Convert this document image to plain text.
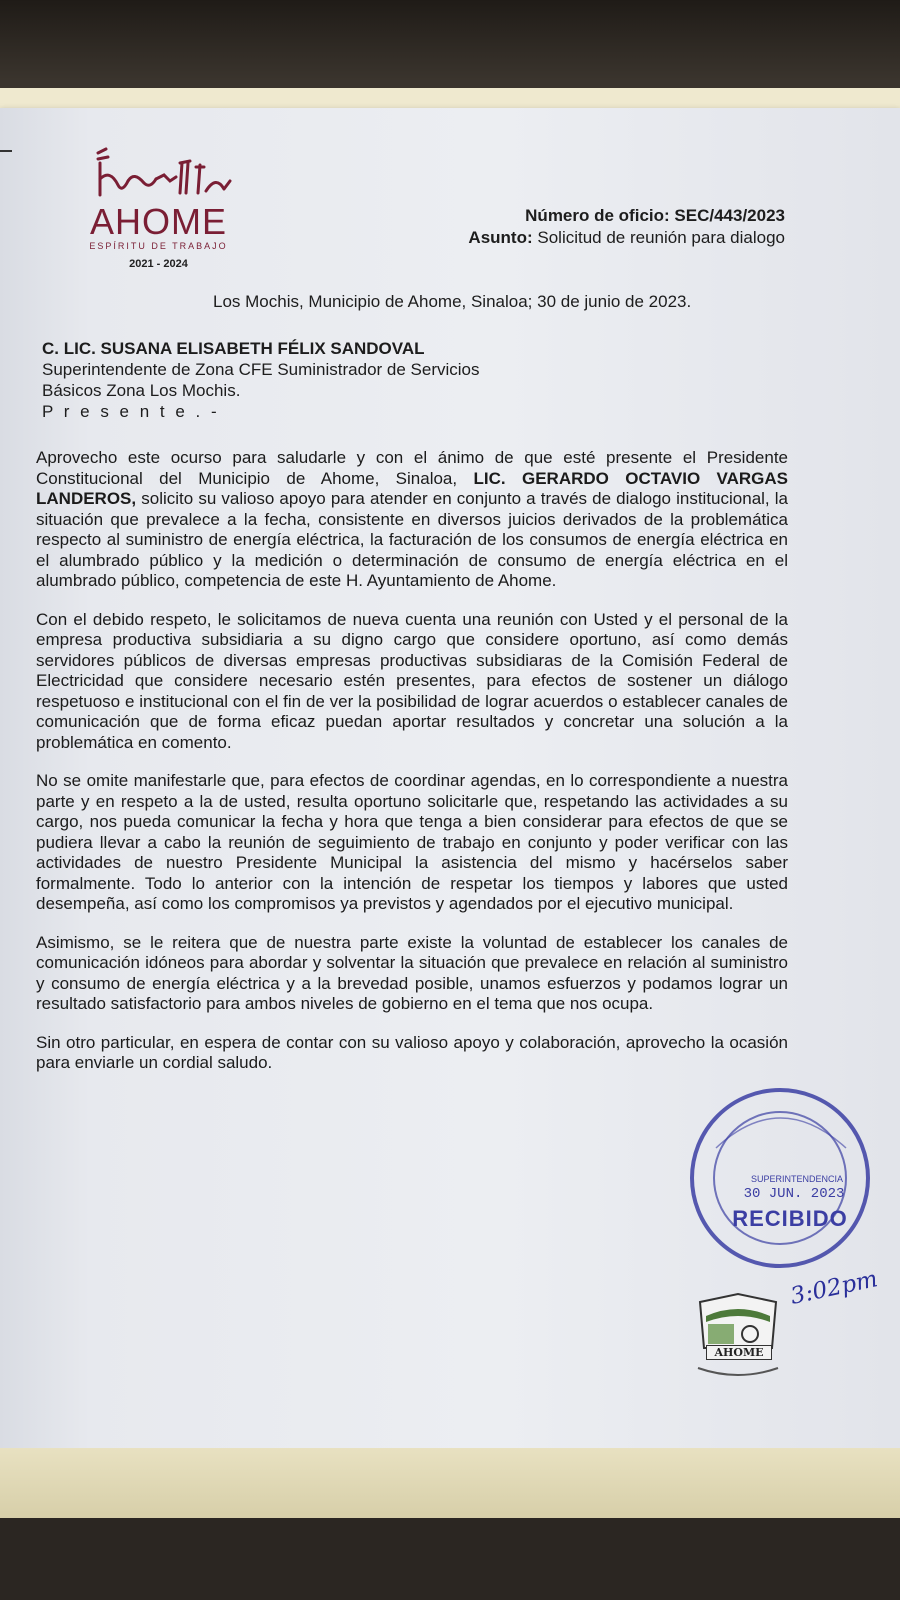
AHOME
ESPÍRITU DE TRABAJO
2021 - 2024
Número de oficio: SEC/443/2023
Asunto: Solicitud de reunión para dialogo
Los Mochis, Municipio de Ahome, Sinaloa; 30 de junio de 2023.
C. LIC. SUSANA ELISABETH FÉLIX SANDOVAL
Superintendente de Zona CFE Suministrador de Servicios
Básicos Zona Los Mochis.
P r e s e n t e . -

Aprovecho este ocurso para saludarle y con el ánimo de que esté presente el Presidente Constitucional del Municipio de Ahome, Sinaloa, LIC. GERARDO OCTAVIO VARGAS LANDEROS, solicito su valioso apoyo para atender en conjunto a través de dialogo institucional, la situación que prevalece a la fecha, consistente en diversos juicios derivados de la problemática respecto al suministro de energía eléctrica, la facturación de los consumos de energía eléctrica en el alumbrado público y la medición o determinación de consumo de energía eléctrica en el alumbrado público, competencia de este H. Ayuntamiento de Ahome.

Con el debido respeto, le solicitamos de nueva cuenta una reunión con Usted y el personal de la empresa productiva subsidiaria a su digno cargo que considere oportuno, así como demás servidores públicos de diversas empresas productivas subsidiaras de la Comisión Federal de Electricidad que considere necesario estén presentes, para efectos de sostener un diálogo respetuoso e institucional con el fin de ver la posibilidad de lograr acuerdos o establecer canales de comunicación que de forma eficaz puedan aportar resultados y concretar una solución a la problemática en comento.

No se omite manifestarle que, para efectos de coordinar agendas, en lo correspondiente a nuestra parte y en respeto a la de usted, resulta oportuno solicitarle que, respetando las actividades a su cargo, nos pueda comunicar la fecha y hora que tenga a bien considerar para efectos de que se pudiera llevar a cabo la reunión de seguimiento de trabajo en conjunto y poder verificar con las actividades de nuestro Presidente Municipal la asistencia del mismo y hacérselos saber formalmente. Todo lo anterior con la intención de respetar los tiempos y labores que usted desempeña, así como los compromisos ya previstos y agendados por el ejecutivo municipal.

Asimismo, se le reitera que de nuestra parte existe la voluntad de establecer los canales de comunicación idóneos para abordar y solventar la situación que prevalece en relación al suministro y consumo de energía eléctrica y a la brevedad posible, unamos esfuerzos y podamos lograr un resultado satisfactorio para ambos niveles de gobierno en el tema que nos ocupa.

Sin otro particular, en espera de contar con su valioso apoyo y colaboración, aprovecho la ocasión para enviarle un cordial saludo.

SUPERINTENDENCIA
30 JUN. 2023
RECIBIDO
3:02pm
AHOME
